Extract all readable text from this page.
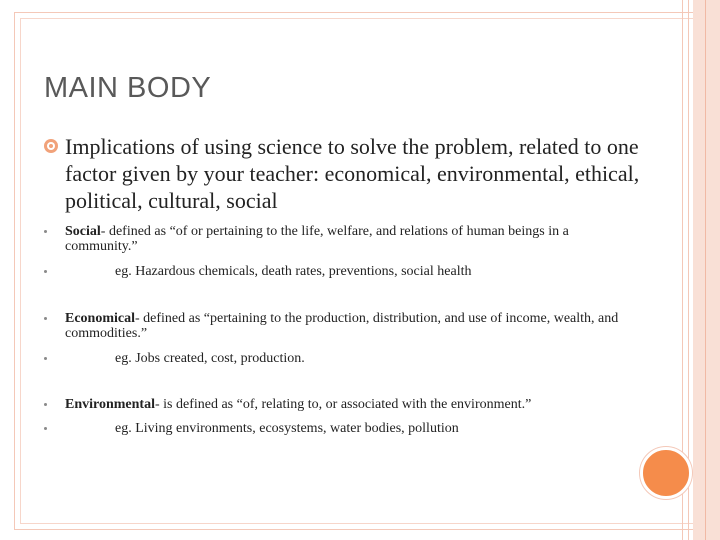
MAIN BODY
Implications of using science to solve the problem, related to one factor given by your teacher: economical, environmental, ethical, political, cultural, social
Social- defined as “of or pertaining to the life, welfare, and relations of human beings in a community.”
eg. Hazardous chemicals, death rates, preventions, social health
Economical- defined as “pertaining to the production, distribution, and use of income, wealth, and commodities.”
eg. Jobs created, cost, production.
Environmental- is defined as “of, relating to, or associated with the environment.”
eg. Living environments, ecosystems, water bodies, pollution
